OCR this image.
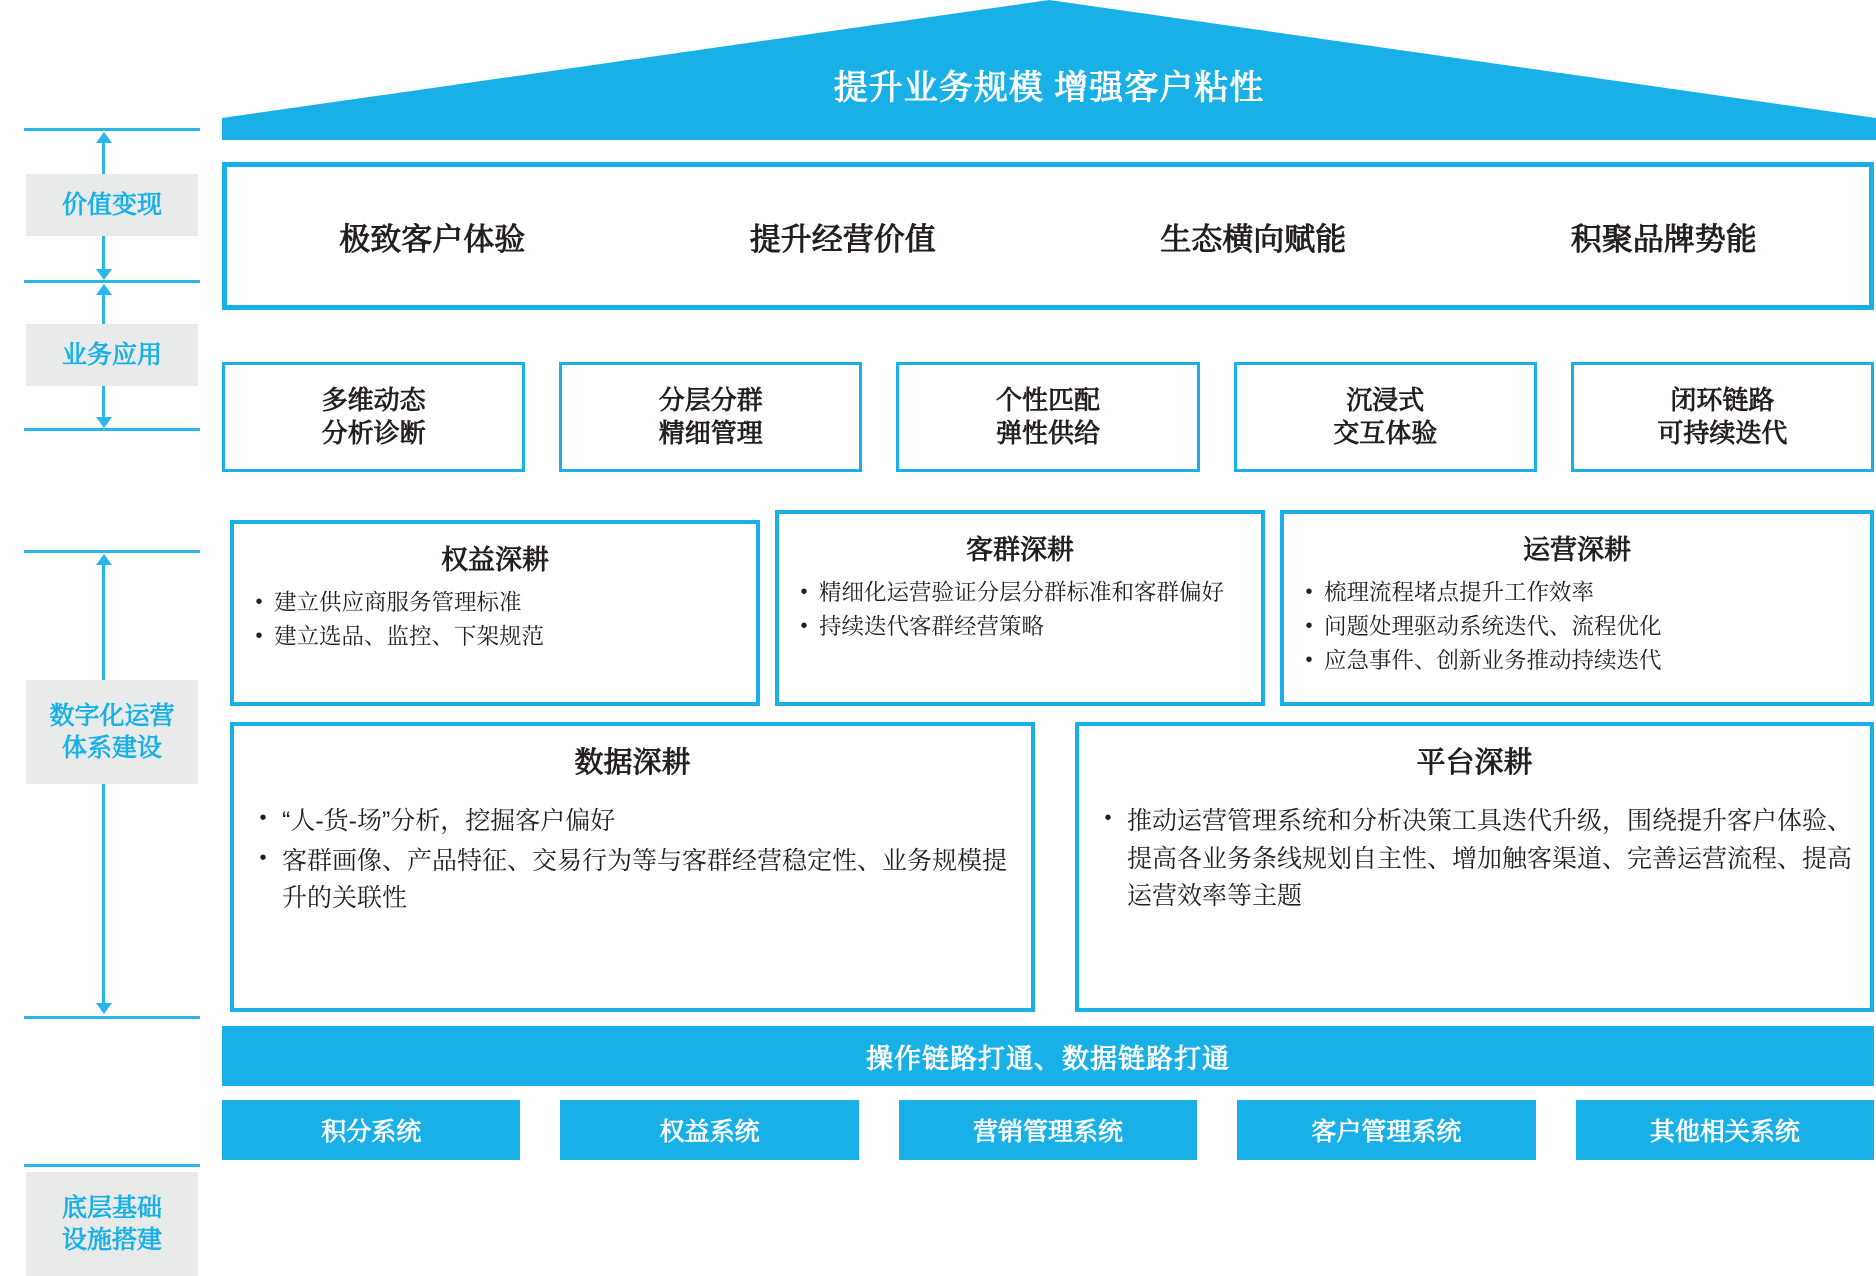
提升业务规模 增强客户粘性
价值变现
业务应用
数字化运营
体系建设
底层基础
设施搭建
极致客户体验	提升经营价值	生态横向赋能	积聚品牌势能
多维动态
分析诊断
分层分群
精细管理
个性匹配
弹性供给
沉浸式
交互体验
闭环链路
可持续迭代
权益深耕
• 建立供应商服务管理标准
• 建立选品、监控、下架规范
客群深耕
• 精细化运营验证分层分群标准和客群偏好
• 持续迭代客群经营策略
运营深耕
• 梳理流程堵点提升工作效率
• 问题处理驱动系统迭代、流程优化
• 应急事件、创新业务推动持续迭代
数据深耕
• “人-货-场”分析，挖掘客户偏好
• 客群画像、产品特征、交易行为等与客群经营稳定性、业务规模提升的关联性
平台深耕
• 推动运营管理系统和分析决策工具迭代升级，围绕提升客户体验、提高各业务条线规划自主性、增加触客渠道、完善运营流程、提高运营效率等主题
操作链路打通、数据链路打通
积分系统	权益系统	营销管理系统	客户管理系统	其他相关系统
